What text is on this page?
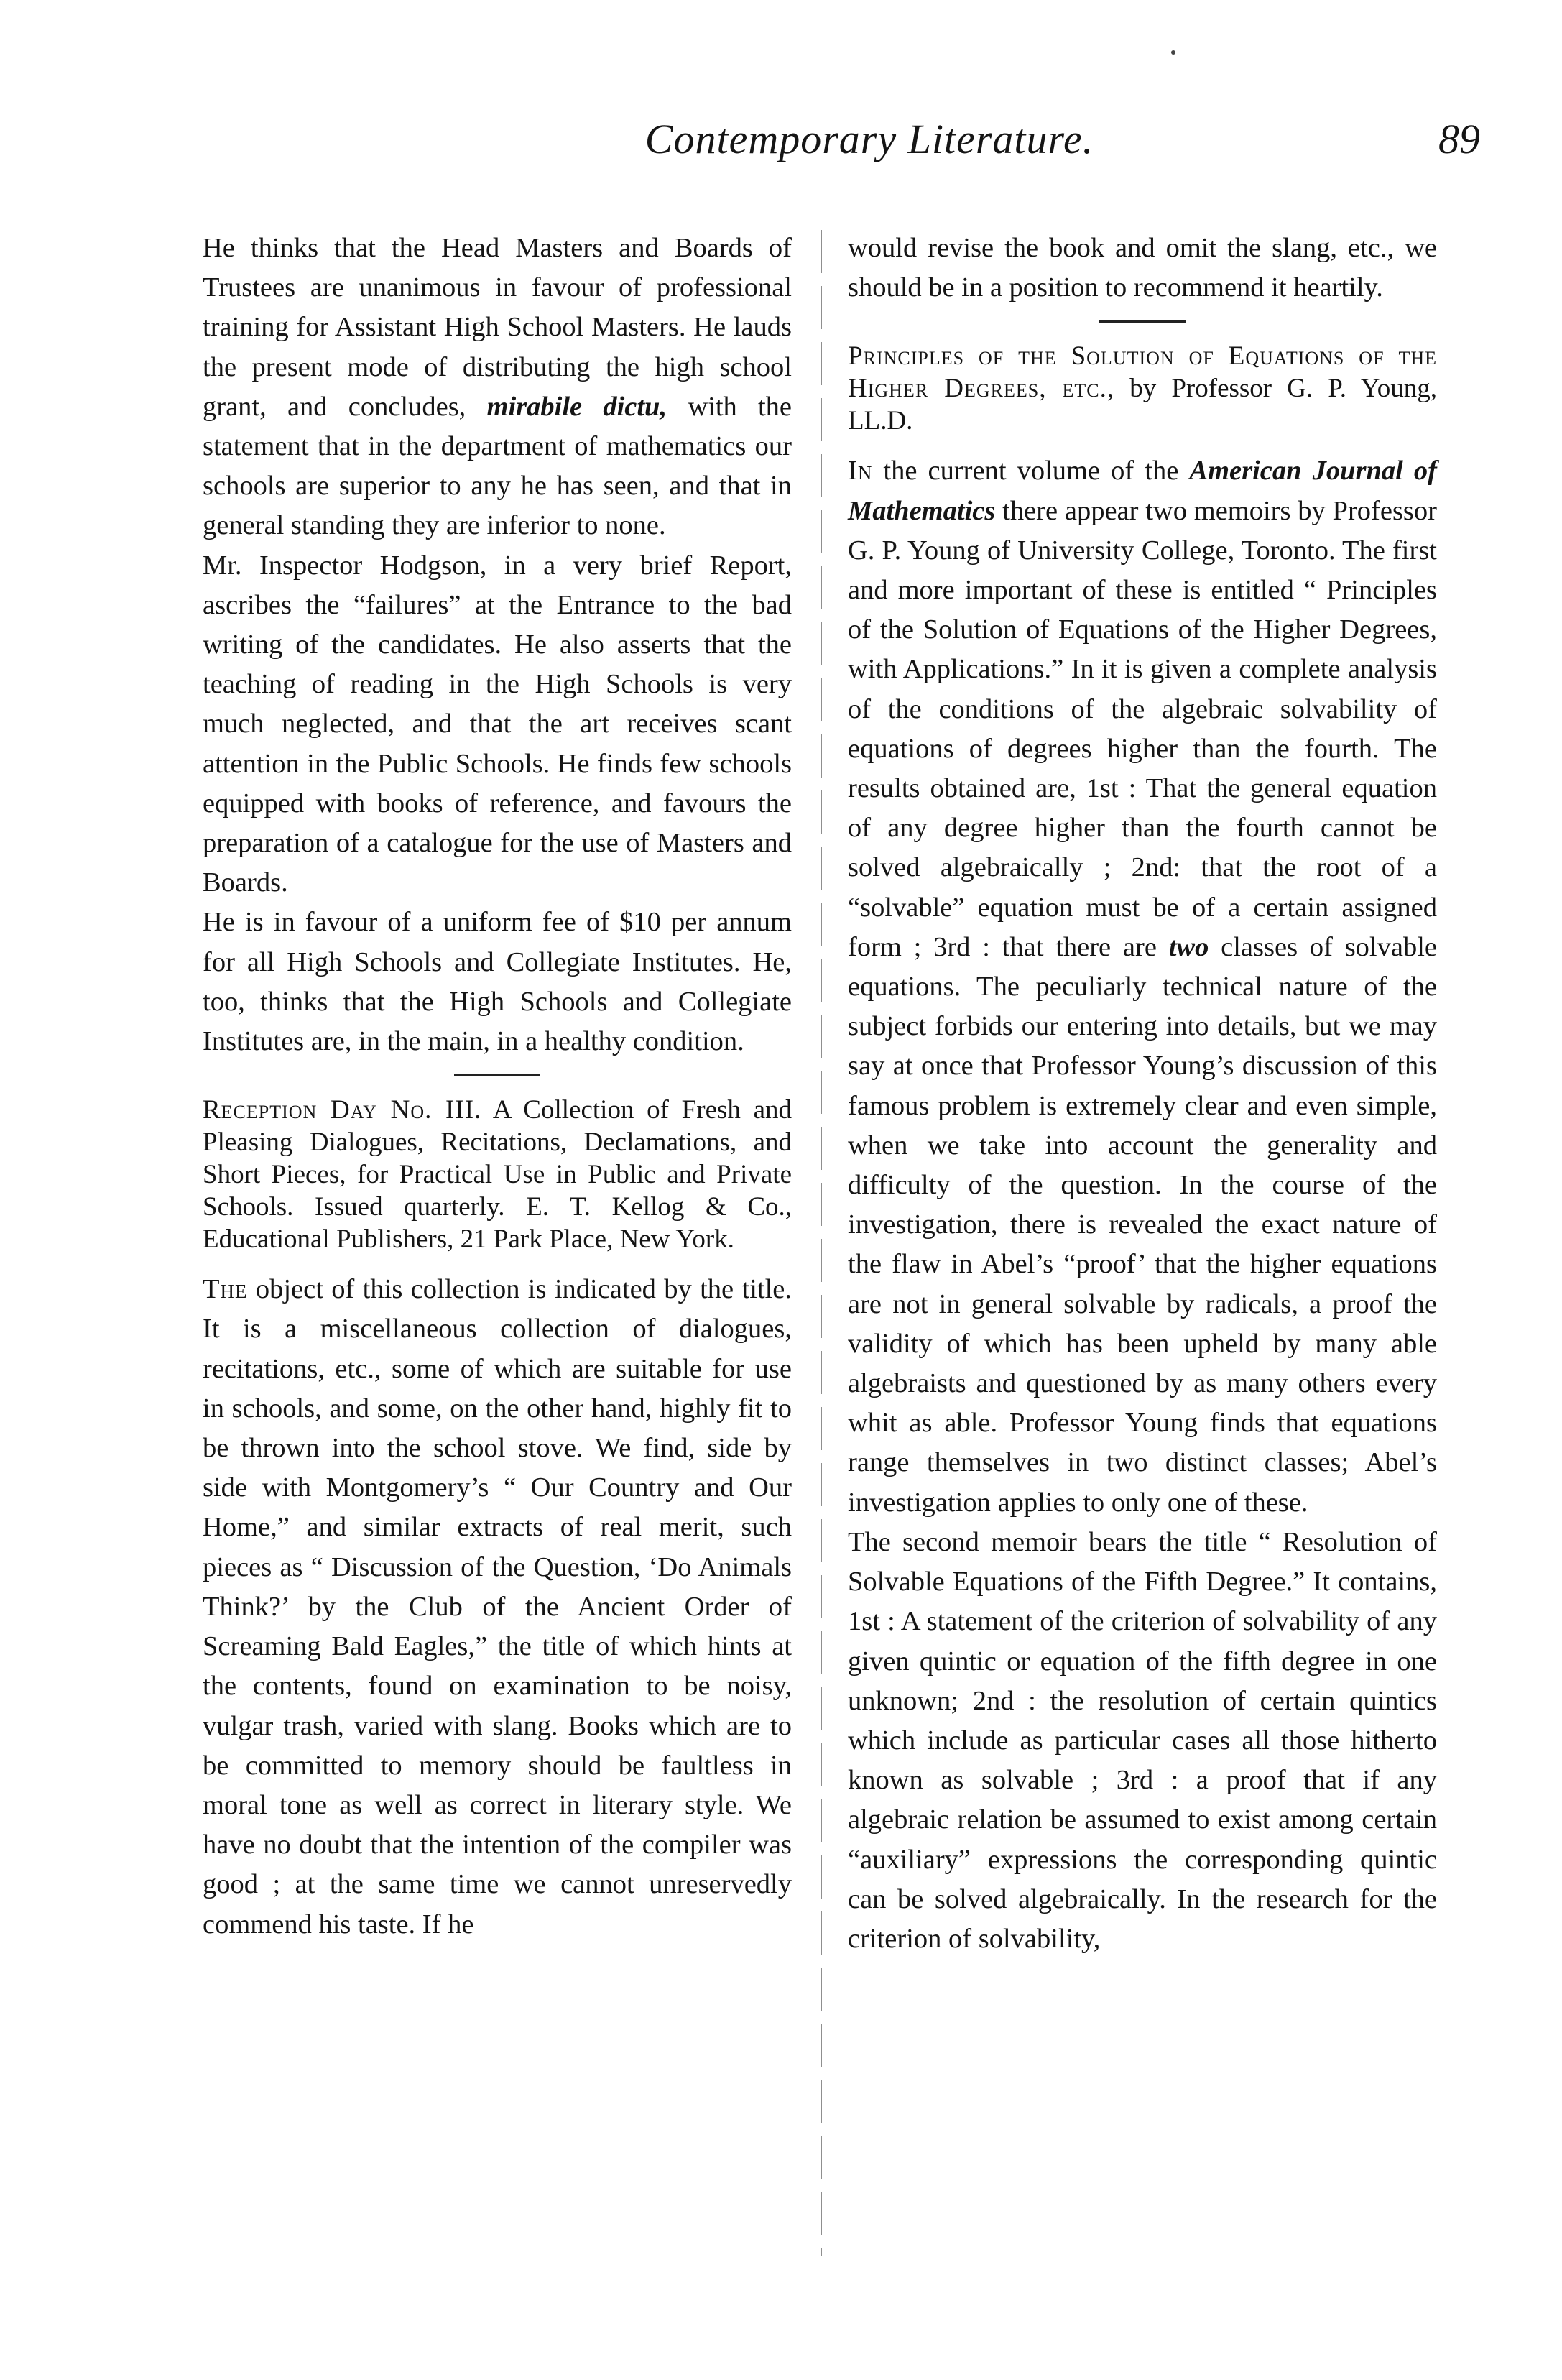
Contemporary Literature.	89

He thinks that the Head Masters and Boards of Trustees are unanimous in favour of professional training for Assistant High School Masters. He lauds the present mode of distributing the high school grant, and concludes, mirabile dictu, with the statement that in the department of mathematics our schools are superior to any he has seen, and that in general standing they are inferior to none.

Mr. Inspector Hodgson, in a very brief Report, ascribes the “failures” at the Entrance to the bad writing of the candidates. He also asserts that the teaching of reading in the High Schools is very much neglected, and that the art receives scant attention in the Public Schools. He finds few schools equipped with books of reference, and favours the preparation of a catalogue for the use of Masters and Boards.

He is in favour of a uniform fee of $10 per annum for all High Schools and Collegiate Institutes. He, too, thinks that the High Schools and Collegiate Institutes are, in the main, in a healthy condition.

Reception Day No. III. A Collection of Fresh and Pleasing Dialogues, Recitations, Declamations, and Short Pieces, for Practical Use in Public and Private Schools. Issued quarterly. E. T. Kellog & Co., Educational Publishers, 21 Park Place, New York.

The object of this collection is indicated by the title. It is a miscellaneous collection of dialogues, recitations, etc., some of which are suitable for use in schools, and some, on the other hand, highly fit to be thrown into the school stove. We find, side by side with Montgomery’s “ Our Country and Our Home,” and similar extracts of real merit, such pieces as “ Discussion of the Question, ‘Do Animals Think?’ by the Club of the Ancient Order of Screaming Bald Eagles,” the title of which hints at the contents, found on examination to be noisy, vulgar trash, varied with slang. Books which are to be committed to memory should be faultless in moral tone as well as correct in literary style. We have no doubt that the intention of the compiler was good ; at the same time we cannot unreservedly commend his taste. If he

would revise the book and omit the slang, etc., we should be in a position to recommend it heartily.

Principles of the Solution of Equations of the Higher Degrees, etc., by Professor G. P. Young, LL.D.

In the current volume of the American Journal of Mathematics there appear two memoirs by Professor G. P. Young of University College, Toronto. The first and more important of these is entitled “ Principles of the Solution of Equations of the Higher Degrees, with Applications.” In it is given a complete analysis of the conditions of the algebraic solvability of equations of degrees higher than the fourth. The results obtained are, 1st : That the general equation of any degree higher than the fourth cannot be solved algebraically ; 2nd: that the root of a “solvable” equation must be of a certain assigned form ; 3rd : that there are two classes of solvable equations. The peculiarly technical nature of the subject forbids our entering into details, but we may say at once that Professor Young’s discussion of this famous problem is extremely clear and even simple, when we take into account the generality and difficulty of the question. In the course of the investigation, there is revealed the exact nature of the flaw in Abel’s “proof’ that the higher equations are not in general solvable by radicals, a proof the validity of which has been upheld by many able algebraists and questioned by as many others every whit as able. Professor Young finds that equations range themselves in two distinct classes; Abel’s investigation applies to only one of these.

The second memoir bears the title “ Resolution of Solvable Equations of the Fifth Degree.” It contains, 1st : A statement of the criterion of solvability of any given quintic or equation of the fifth degree in one unknown; 2nd : the resolution of certain quintics which include as particular cases all those hitherto known as solvable ; 3rd : a proof that if any algebraic relation be assumed to exist among certain “auxiliary” expressions the corresponding quintic can be solved algebraically. In the research for the criterion of solvability,
